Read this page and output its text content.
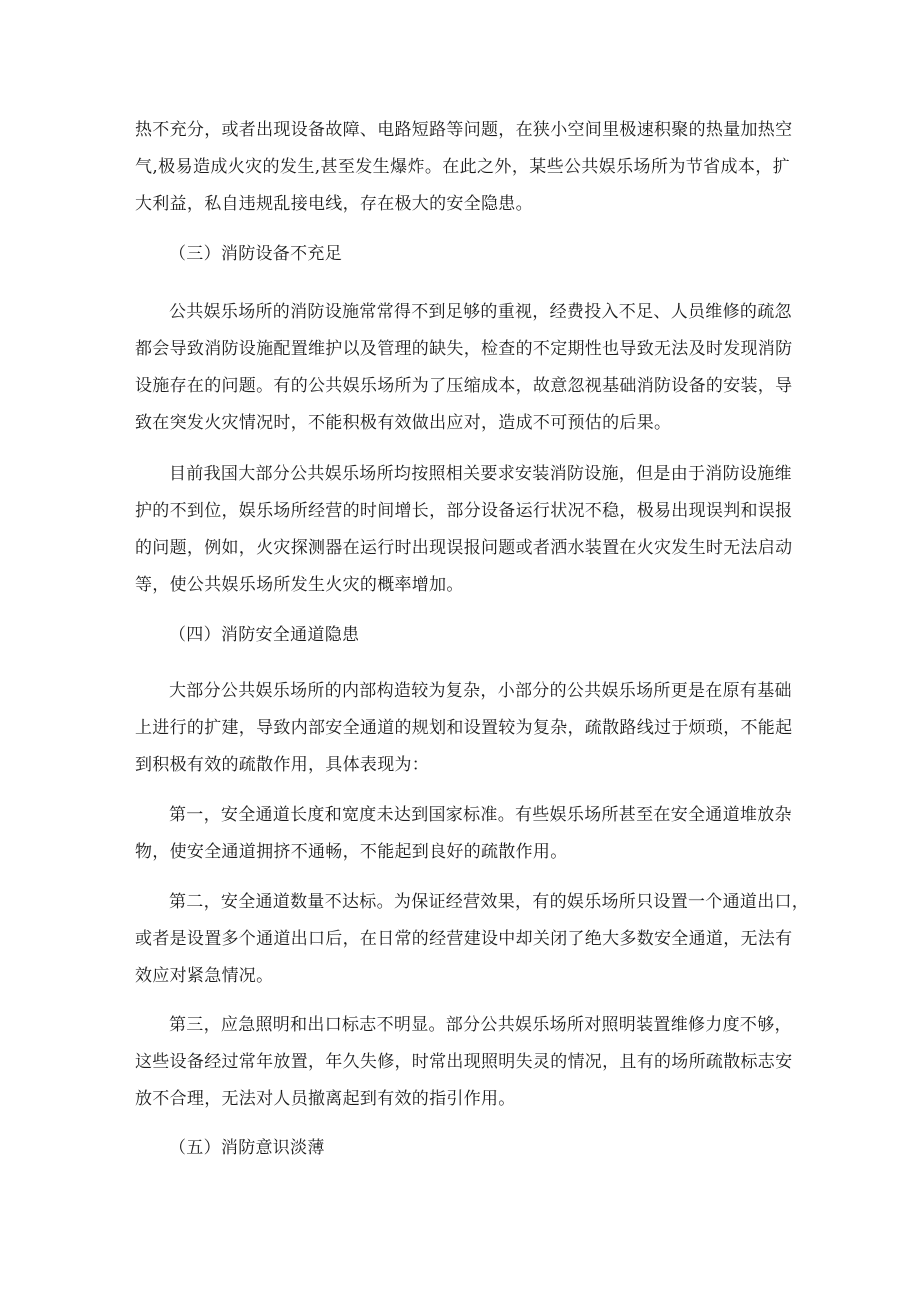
热不充分，或者出现设备故障、电路短路等问题，在狭小空间里极速积聚的热量加热空
气,极易造成火灾的发生,甚至发生爆炸。在此之外，某些公共娱乐场所为节省成本，扩
大利益，私自违规乱接电线，存在极大的安全隐患。
（三）消防设备不充足
公共娱乐场所的消防设施常常得不到足够的重视，经费投入不足、人员维修的疏忽
都会导致消防设施配置维护以及管理的缺失，检查的不定期性也导致无法及时发现消防
设施存在的问题。有的公共娱乐场所为了压缩成本，故意忽视基础消防设备的安装，导
致在突发火灾情况时，不能积极有效做出应对，造成不可预估的后果。
目前我国大部分公共娱乐场所均按照相关要求安装消防设施，但是由于消防设施维
护的不到位，娱乐场所经营的时间增长，部分设备运行状况不稳，极易出现误判和误报
的问题，例如，火灾探测器在运行时出现误报问题或者洒水装置在火灾发生时无法启动
等，使公共娱乐场所发生火灾的概率增加。
（四）消防安全通道隐患
大部分公共娱乐场所的内部构造较为复杂，小部分的公共娱乐场所更是在原有基础
上进行的扩建，导致内部安全通道的规划和设置较为复杂，疏散路线过于烦琐，不能起
到积极有效的疏散作用，具体表现为：
第一，安全通道长度和宽度未达到国家标准。有些娱乐场所甚至在安全通道堆放杂
物，使安全通道拥挤不通畅，不能起到良好的疏散作用。
第二，安全通道数量不达标。为保证经营效果，有的娱乐场所只设置一个通道出口，
或者是设置多个通道出口后，在日常的经营建设中却关闭了绝大多数安全通道，无法有
效应对紧急情况。
第三，应急照明和出口标志不明显。部分公共娱乐场所对照明装置维修力度不够，
这些设备经过常年放置，年久失修，时常出现照明失灵的情况，且有的场所疏散标志安
放不合理，无法对人员撤离起到有效的指引作用。
（五）消防意识淡薄
